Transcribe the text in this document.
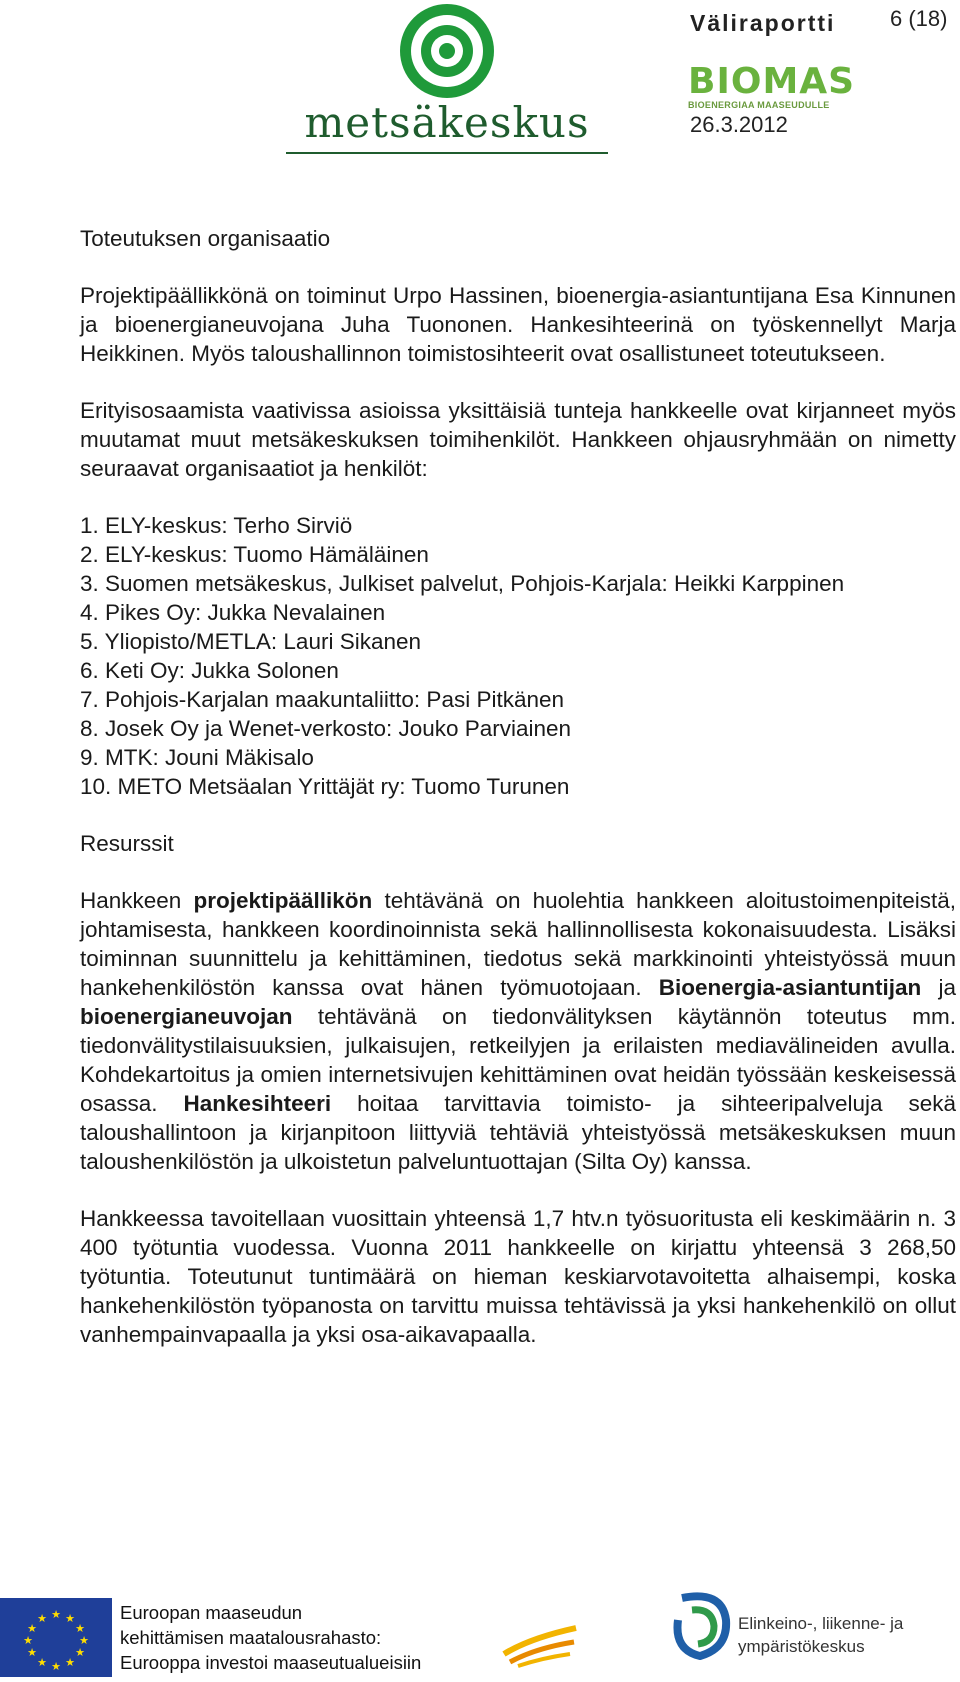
metsäkeskus
Väliraportti 6 (18)
BIOMAS
BIOENERGIAA MAASEUDULLE
26.3.2012
Toteutuksen organisaatio

Projektipäällikkönä on toiminut Urpo Hassinen, bioenergia-asiantuntijana Esa Kinnunen ja bioenergianeuvojana Juha Tuononen. Hankesihteerinä on työskennellyt Marja Heikkinen. Myös taloushallinnon toimistosihteerit ovat osallistuneet toteutukseen.

Erityisosaamista vaativissa asioissa yksittäisiä tunteja hankkeelle ovat kirjanneet myös muutamat muut metsäkeskuksen toimihenkilöt. Hankkeen ohjausryhmään on nimetty seuraavat organisaatiot ja henkilöt:

1. ELY-keskus: Terho Sirviö
2. ELY-keskus: Tuomo Hämäläinen
3. Suomen metsäkeskus, Julkiset palvelut, Pohjois-Karjala: Heikki Karppinen
4. Pikes Oy: Jukka Nevalainen
5. Yliopisto/METLA: Lauri Sikanen
6. Keti Oy: Jukka Solonen
7. Pohjois-Karjalan maakuntaliitto: Pasi Pitkänen
8. Josek Oy ja Wenet-verkosto: Jouko Parviainen
9. MTK: Jouni Mäkisalo
10. METO Metsäalan Yrittäjät ry: Tuomo Turunen
Resurssit

Hankkeen projektipäällikön tehtävänä on huolehtia hankkeen aloitustoimenpiteistä, johtamisesta, hankkeen koordinoinnista sekä hallinnollisesta kokonaisuudesta. Lisäksi toiminnan suunnittelu ja kehittäminen, tiedotus sekä markkinointi yhteistyössä muun hankehenkilöstön kanssa ovat hänen työmuotojaan. Bioenergia-asiantuntijan ja bioenergianeuvojan tehtävänä on tiedonvälityksen käytännön toteutus mm. tiedonvälitystilaisuuksien, julkaisujen, retkeilyjen ja erilaisten mediavälineiden avulla. Kohdekartoitus ja omien internetsivujen kehittäminen ovat heidän työssään keskeisessä osassa. Hankesihteeri hoitaa tarvittavia toimisto- ja sihteeripalveluja sekä taloushallintoon ja kirjanpitoon liittyviä tehtäviä yhteistyössä metsäkeskuksen muun taloushenkilöstön ja ulkoistetun palveluntuottajan (Silta Oy) kanssa.

Hankkeessa tavoitellaan vuosittain yhteensä 1,7 htv.n työsuoritusta eli keskimäärin n. 3 400 työtuntia vuodessa. Vuonna 2011 hankkeelle on kirjattu yhteensä 3 268,50 työtuntia. Toteutunut tuntimäärä on hieman keskiarvotavoitetta alhaisempi, koska hankehenkilöstön työpanosta on tarvittu muissa tehtävissä ja yksi hankehenkilö on ollut vanhempainvapaalla ja yksi osa-aikavapaalla.

★ ★
★
★
★
★
★
★
★
★
★
★	Euroopan maaseudun
kehittämisen maatalousrahasto:
Eurooppa investoi maaseutualueisiin
Elinkeino-, liikenne- ja
ympäristökeskus
